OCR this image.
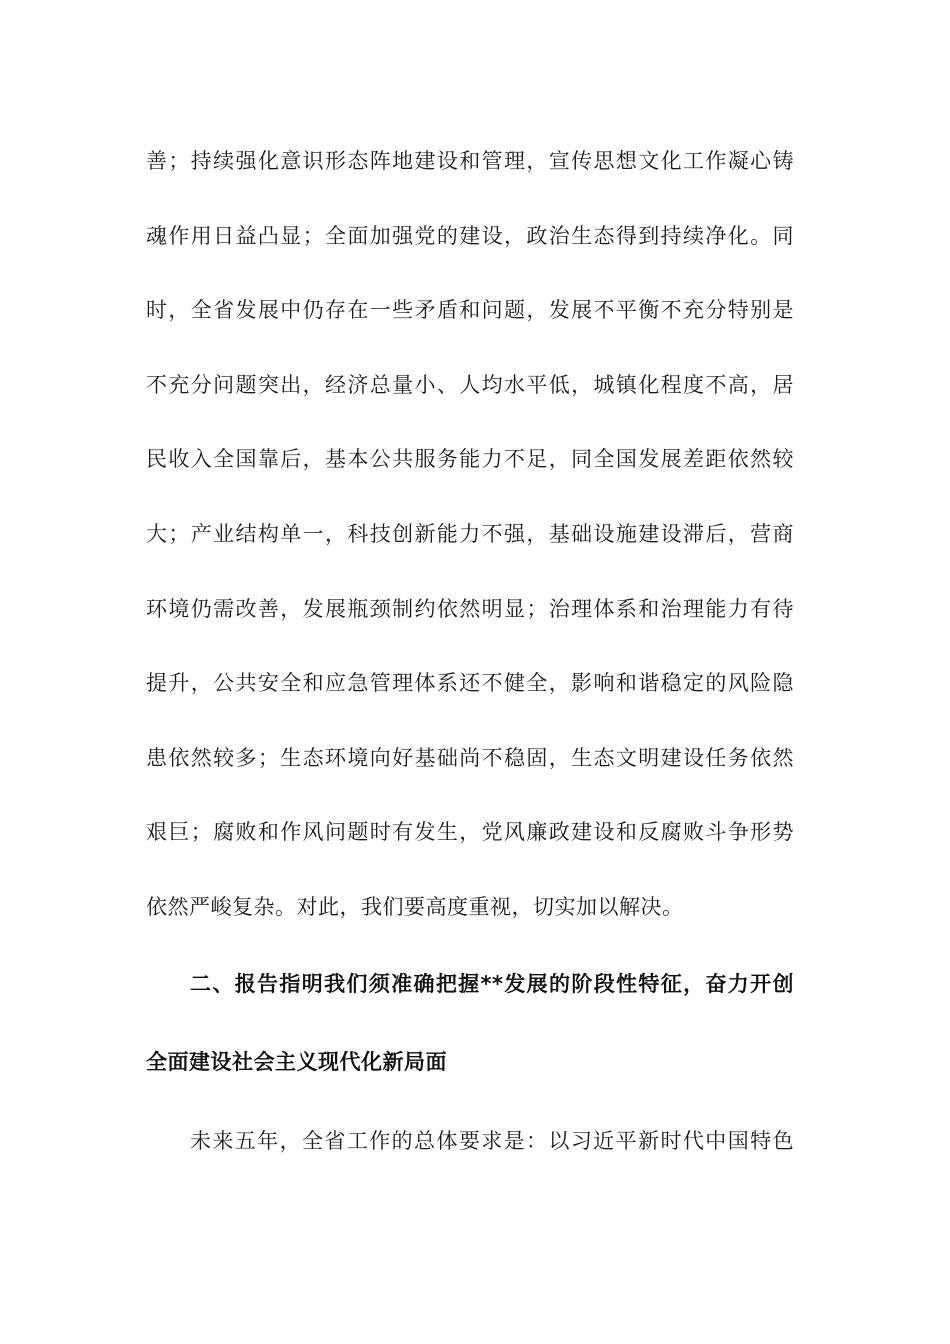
善；持续强化意识形态阵地建设和管理，宣传思想文化工作凝心铸
魂作用日益凸显；全面加强党的建设，政治生态得到持续净化。同
时，全省发展中仍存在一些矛盾和问题，发展不平衡不充分特别是
不充分问题突出，经济总量小、人均水平低，城镇化程度不高，居
民收入全国靠后，基本公共服务能力不足，同全国发展差距依然较
大；产业结构单一，科技创新能力不强，基础设施建设滞后，营商
环境仍需改善，发展瓶颈制约依然明显；治理体系和治理能力有待
提升，公共安全和应急管理体系还不健全，影响和谐稳定的风险隐
患依然较多；生态环境向好基础尚不稳固，生态文明建设任务依然
艰巨；腐败和作风问题时有发生，党风廉政建设和反腐败斗争形势
依然严峻复杂。对此，我们要高度重视，切实加以解决。
二、报告指明我们须准确把握**发展的阶段性特征，奋力开创
全面建设社会主义现代化新局面
未来五年，全省工作的总体要求是：以习近平新时代中国特色
